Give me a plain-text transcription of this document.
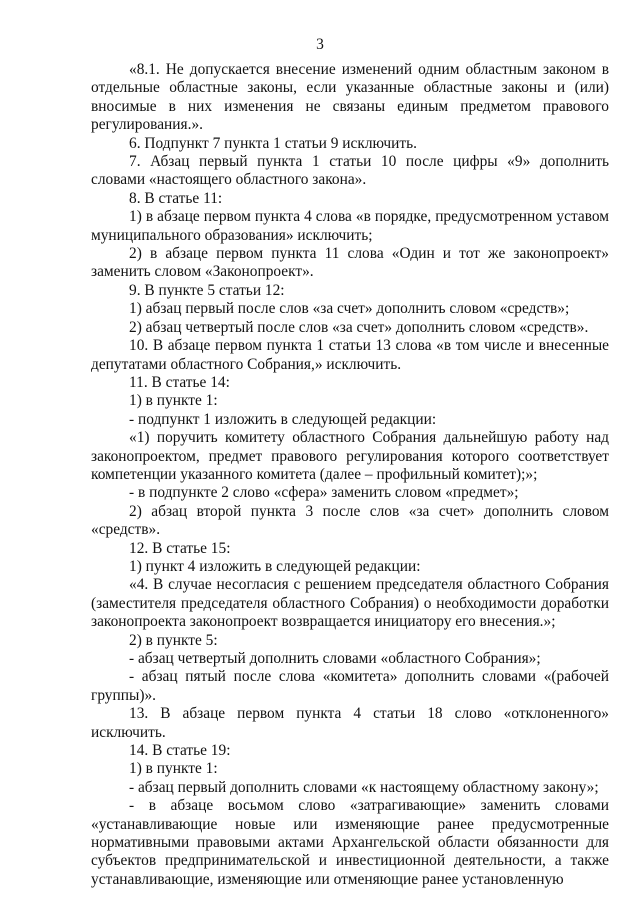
3

«8.1. Не допускается внесение изменений одним областным законом в отдельные областные законы, если указанные областные законы и (или) вносимые в них изменения не связаны единым предметом правового регулирования.».

6. Подпункт 7 пункта 1 статьи 9 исключить.

7. Абзац первый пункта 1 статьи 10 после цифры «9» дополнить словами «настоящего областного закона».

8. В статье 11:

1) в абзаце первом пункта 4 слова «в порядке, предусмотренном уставом муниципального образования» исключить;

2) в абзаце первом пункта 11 слова «Один и тот же законопроект» заменить словом «Законопроект».

9. В пункте 5 статьи 12:

1) абзац первый после слов «за счет» дополнить словом «средств»;

2) абзац четвертый после слов «за счет» дополнить словом «средств».

10. В абзаце первом пункта 1 статьи 13 слова «в том числе и внесенные депутатами областного Собрания,» исключить.

11. В статье 14:

1) в пункте 1:

- подпункт 1 изложить в следующей редакции:

«1) поручить комитету областного Собрания дальнейшую работу над законопроектом, предмет правового регулирования которого соответствует компетенции указанного комитета (далее – профильный комитет);»;

- в подпункте 2 слово «сфера» заменить словом «предмет»;

2) абзац второй пункта 3 после слов «за счет» дополнить словом «средств».

12. В статье 15:

1) пункт 4 изложить в следующей редакции:

«4. В случае несогласия с решением председателя областного Собрания (заместителя председателя областного Собрания) о необходимости доработки законопроекта законопроект возвращается инициатору его внесения.»;

2) в пункте 5:

- абзац четвертый дополнить словами «областного Собрания»;

- абзац пятый после слова «комитета» дополнить словами «(рабочей группы)».

13. В абзаце первом пункта 4 статьи 18 слово «отклоненного» исключить.

14. В статье 19:

1) в пункте 1:

- абзац первый дополнить словами «к настоящему областному закону»;

- в абзаце восьмом слово «затрагивающие» заменить словами «устанавливающие новые или изменяющие ранее предусмотренные нормативными правовыми актами Архангельской области обязанности для субъектов предпринимательской и инвестиционной деятельности, а также устанавливающие, изменяющие или отменяющие ранее установленную
